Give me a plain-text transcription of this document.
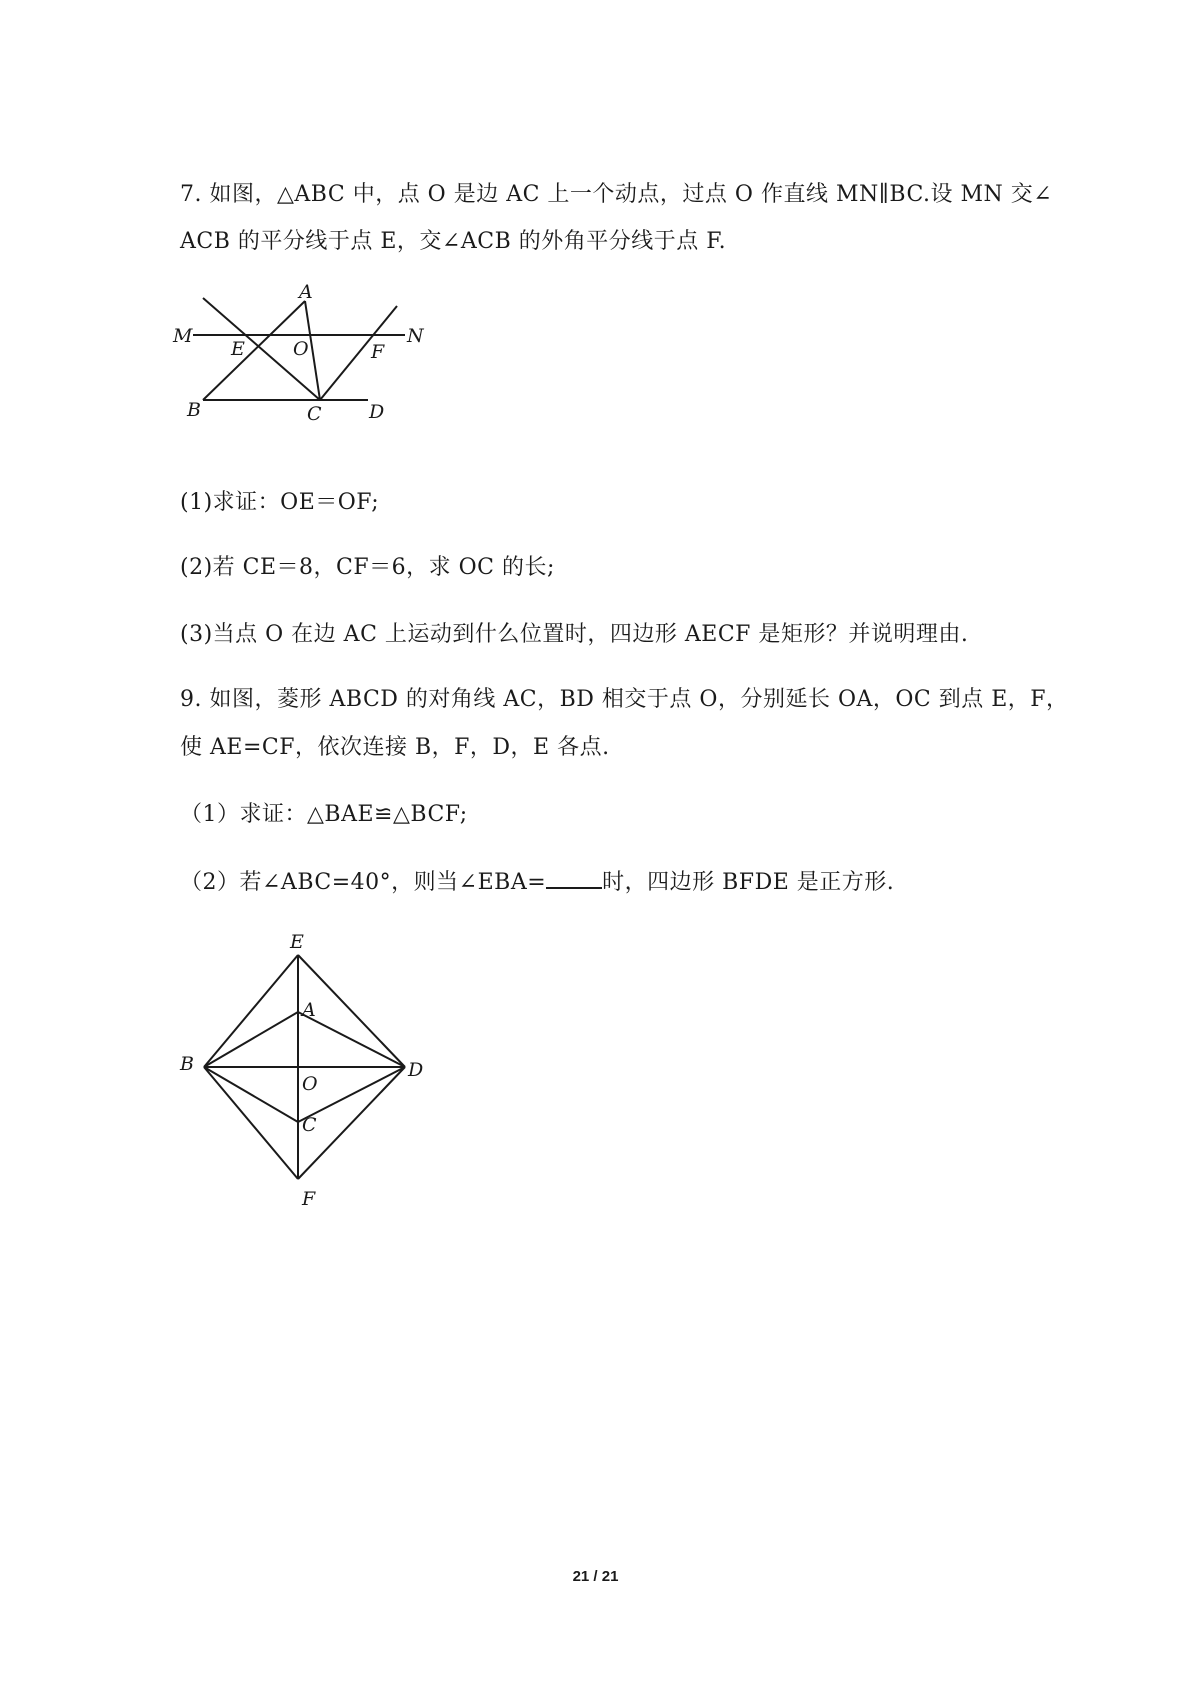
7. 如图，△ABC 中，点 O 是边 AC 上一个动点，过点 O 作直线 MN∥BC.设 MN 交∠
ACB 的平分线于点 E，交∠ACB 的外角平分线于点 F.
A
M
E	O	F
N
B	C D
(1)求证：OE＝OF;
(2)若 CE＝8，CF＝6，求 OC 的长;
(3)当点 O 在边 AC 上运动到什么位置时，四边形 AECF 是矩形？并说明理由.
9. 如图，菱形 ABCD 的对角线 AC，BD 相交于点 O，分别延长 OA，OC 到点 E，F，
使 AE=CF，依次连接 B，F，D，E 各点.
（1）求证：△BAE≌△BCF;
（2）若∠ABC=40°，则当∠EBA=	时，四边形 BFDE 是正方形.
E
A
B
O
D
C
F
21 / 21
